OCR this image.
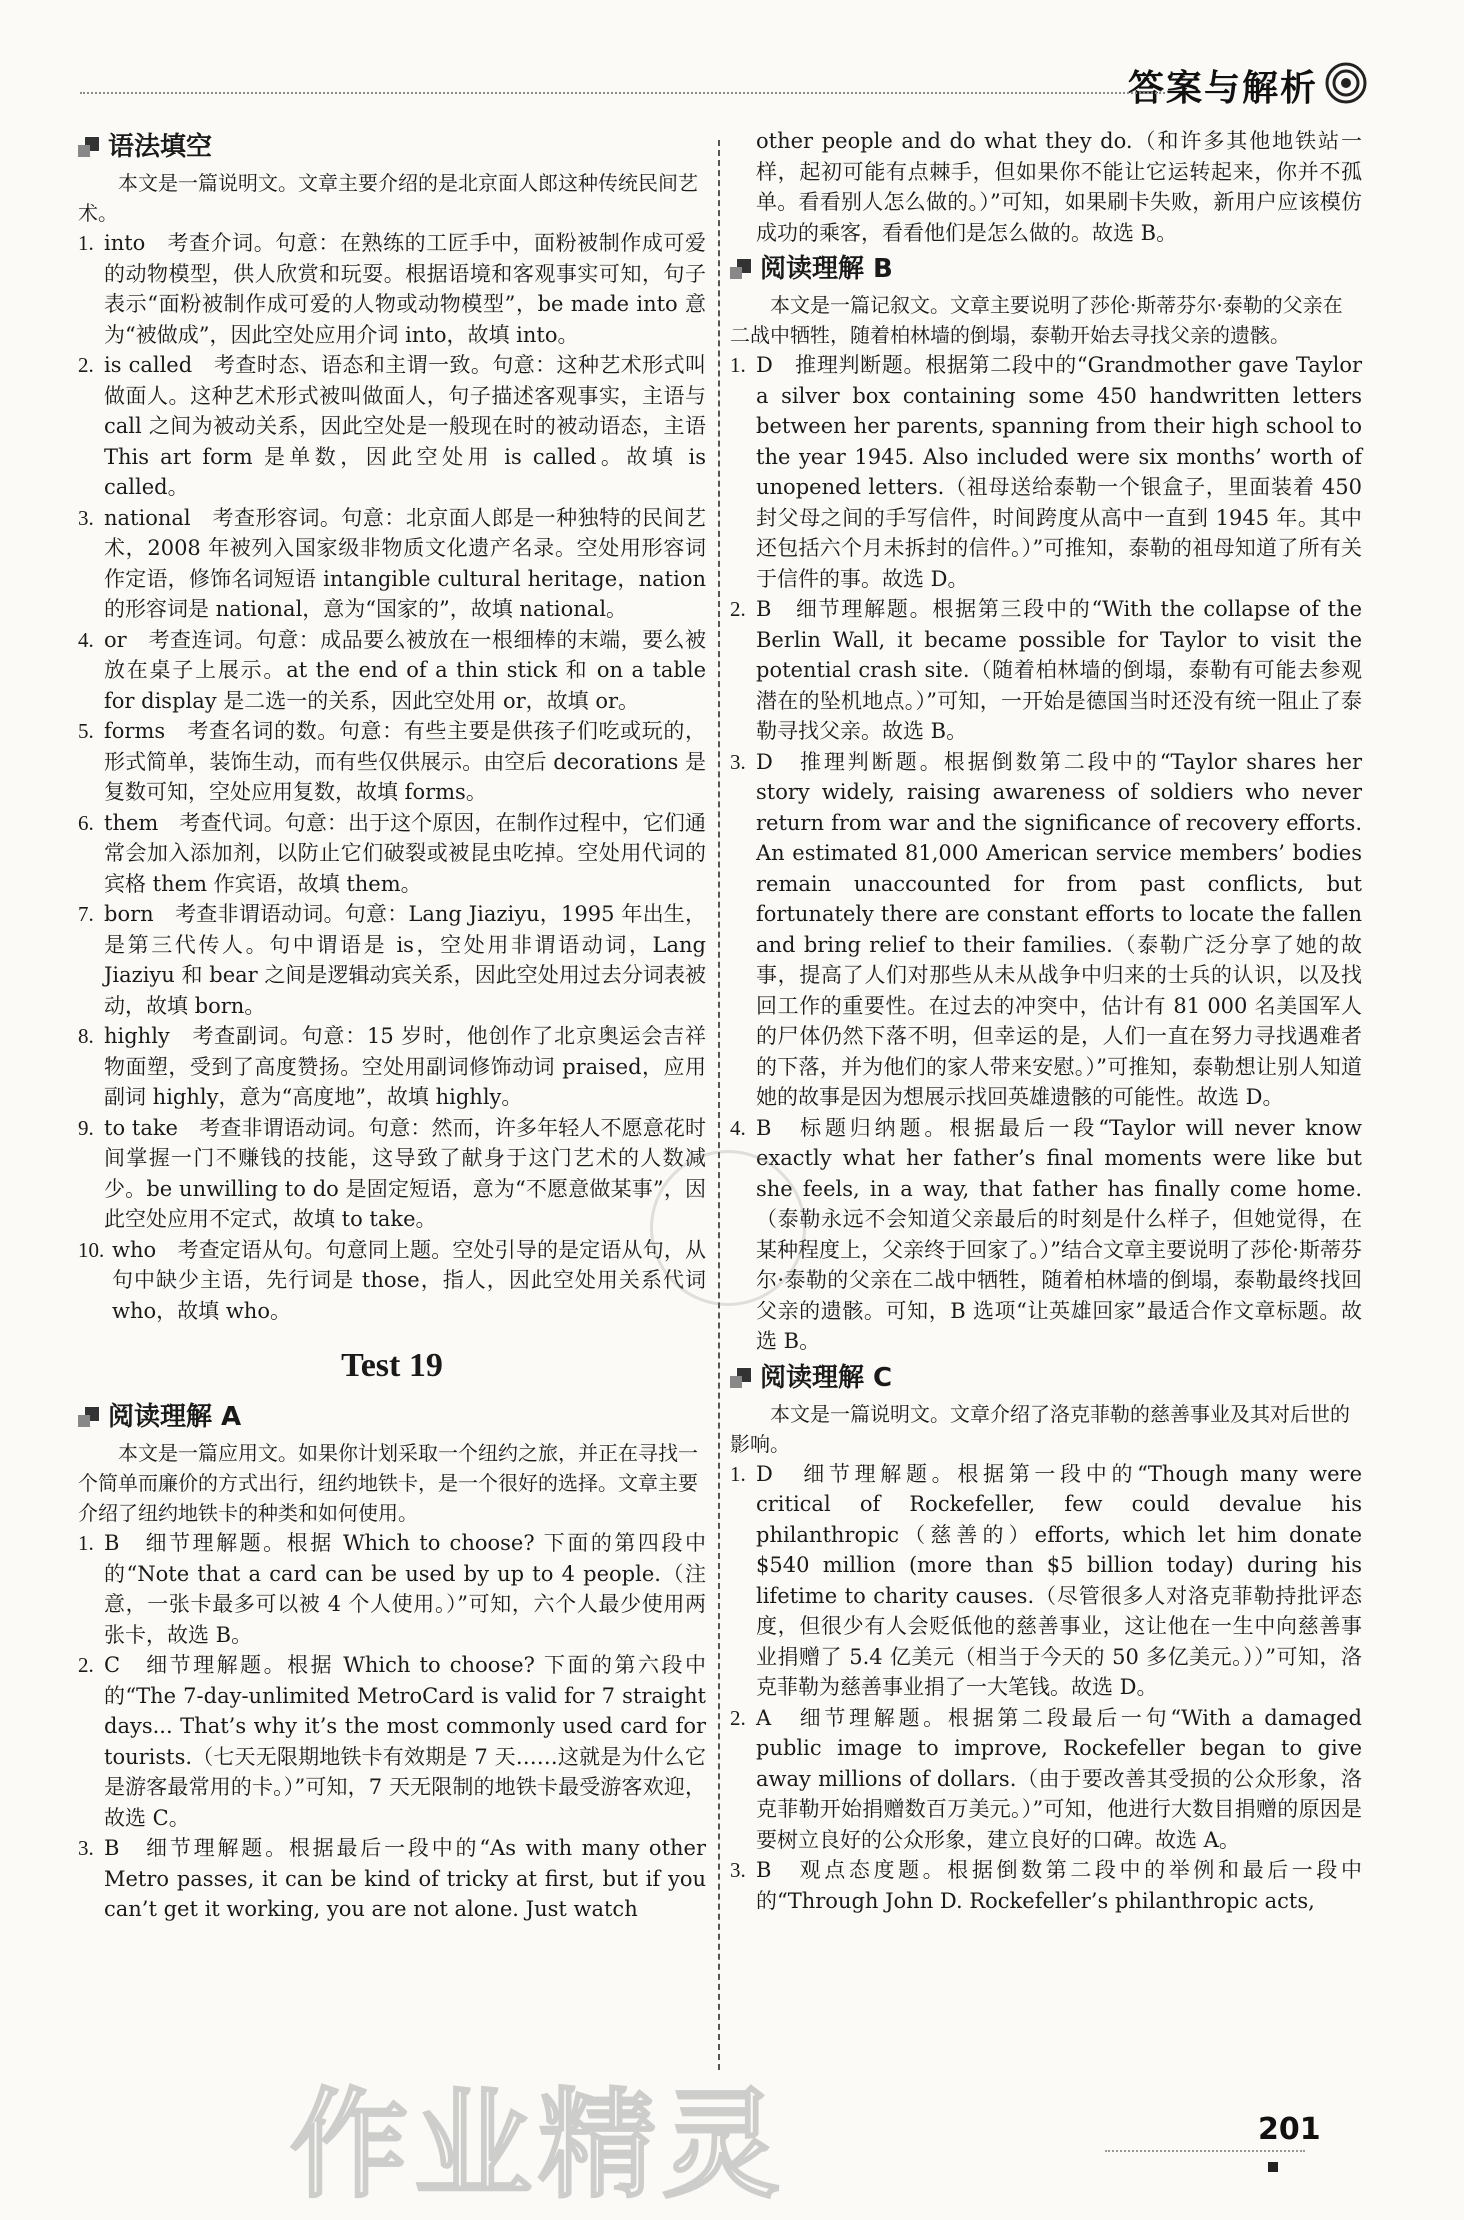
答案与解析
语法填空

本文是一篇说明文。文章主要介绍的是北京面人郎这种传统民间艺术。

1. into　考查介词。句意：在熟练的工匠手中，面粉被制作成可爱的动物模型，供人欣赏和玩耍。根据语境和客观事实可知，句子表示“面粉被制作成可爱的人物或动物模型”，be made into 意为“被做成”，因此空处应用介词 into，故填 into。

2. is called　考查时态、语态和主谓一致。句意：这种艺术形式叫做面人。这种艺术形式被叫做面人，句子描述客观事实，主语与 call 之间为被动关系，因此空处是一般现在时的被动语态，主语 This art form 是单数，因此空处用 is called。故填 is called。

3. national　考查形容词。句意：北京面人郎是一种独特的民间艺术，2008 年被列入国家级非物质文化遗产名录。空处用形容词作定语，修饰名词短语 intangible cultural heritage，nation 的形容词是 national，意为“国家的”，故填 national。

4. or　考查连词。句意：成品要么被放在一根细棒的末端，要么被放在桌子上展示。at the end of a thin stick 和 on a table for display 是二选一的关系，因此空处用 or，故填 or。

5. forms　考查名词的数。句意：有些主要是供孩子们吃或玩的，形式简单，装饰生动，而有些仅供展示。由空后 decorations 是复数可知，空处应用复数，故填 forms。

6. them　考查代词。句意：出于这个原因，在制作过程中，它们通常会加入添加剂，以防止它们破裂或被昆虫吃掉。空处用代词的宾格 them 作宾语，故填 them。

7. born　考查非谓语动词。句意：Lang Jiaziyu，1995 年出生，是第三代传人。句中谓语是 is，空处用非谓语动词，Lang Jiaziyu 和 bear 之间是逻辑动宾关系，因此空处用过去分词表被动，故填 born。

8. highly　考查副词。句意：15 岁时，他创作了北京奥运会吉祥物面塑，受到了高度赞扬。空处用副词修饰动词 praised，应用副词 highly，意为“高度地”，故填 highly。

9. to take　考查非谓语动词。句意：然而，许多年轻人不愿意花时间掌握一门不赚钱的技能，这导致了献身于这门艺术的人数减少。be unwilling to do 是固定短语，意为“不愿意做某事”，因此空处应用不定式，故填 to take。

10. who　考查定语从句。句意同上题。空处引导的是定语从句，从句中缺少主语，先行词是 those，指人，因此空处用关系代词 who，故填 who。

Test 19
阅读理解 A

本文是一篇应用文。如果你计划采取一个纽约之旅，并正在寻找一个简单而廉价的方式出行，纽约地铁卡，是一个很好的选择。文章主要介绍了纽约地铁卡的种类和如何使用。

1. B　细节理解题。根据 Which to choose? 下面的第四段中的“Note that a card can be used by up to 4 people.（注意，一张卡最多可以被 4 个人使用。）”可知，六个人最少使用两张卡，故选 B。

2. C　细节理解题。根据 Which to choose? 下面的第六段中的“The 7-day-unlimited MetroCard is valid for 7 straight days... That’s why it’s the most commonly used card for tourists.（七天无限期地铁卡有效期是 7 天……这就是为什么它是游客最常用的卡。）”可知，7 天无限制的地铁卡最受游客欢迎，故选 C。

3. B　细节理解题。根据最后一段中的“As with many other Metro passes, it can be kind of tricky at first, but if you can’t get it working, you are not alone. Just watch

other people and do what they do.（和许多其他地铁站一样，起初可能有点棘手，但如果你不能让它运转起来，你并不孤单。看看别人怎么做的。）”可知，如果刷卡失败，新用户应该模仿成功的乘客，看看他们是怎么做的。故选 B。

阅读理解 B

本文是一篇记叙文。文章主要说明了莎伦·斯蒂芬尔·泰勒的父亲在二战中牺牲，随着柏林墙的倒塌，泰勒开始去寻找父亲的遗骸。

1. D　推理判断题。根据第二段中的“Grandmother gave Taylor a silver box containing some 450 handwritten letters between her parents, spanning from their high school to the year 1945. Also included were six months’ worth of unopened letters.（祖母送给泰勒一个银盒子，里面装着 450 封父母之间的手写信件，时间跨度从高中一直到 1945 年。其中还包括六个月未拆封的信件。）”可推知，泰勒的祖母知道了所有关于信件的事。故选 D。

2. B　细节理解题。根据第三段中的“With the collapse of the Berlin Wall, it became possible for Taylor to visit the potential crash site.（随着柏林墙的倒塌，泰勒有可能去参观潜在的坠机地点。）”可知，一开始是德国当时还没有统一阻止了泰勒寻找父亲。故选 B。

3. D　推理判断题。根据倒数第二段中的“Taylor shares her story widely, raising awareness of soldiers who never return from war and the significance of recovery efforts. An estimated 81,000 American service members’ bodies remain unaccounted for from past conflicts, but fortunately there are constant efforts to locate the fallen and bring relief to their families.（泰勒广泛分享了她的故事，提高了人们对那些从未从战争中归来的士兵的认识，以及找回工作的重要性。在过去的冲突中，估计有 81 000 名美国军人的尸体仍然下落不明，但幸运的是，人们一直在努力寻找遇难者的下落，并为他们的家人带来安慰。）”可推知，泰勒想让别人知道她的故事是因为想展示找回英雄遗骸的可能性。故选 D。

4. B　标题归纳题。根据最后一段“Taylor will never know exactly what her father’s final moments were like but she feels, in a way, that father has finally come home.（泰勒永远不会知道父亲最后的时刻是什么样子，但她觉得，在某种程度上，父亲终于回家了。）”结合文章主要说明了莎伦·斯蒂芬尔·泰勒的父亲在二战中牺牲，随着柏林墙的倒塌，泰勒最终找回父亲的遗骸。可知，B 选项“让英雄回家”最适合作文章标题。故选 B。

阅读理解 C

本文是一篇说明文。文章介绍了洛克菲勒的慈善事业及其对后世的影响。

1. D　细节理解题。根据第一段中的“Though many were critical of Rockefeller, few could devalue his philanthropic（慈善的）efforts, which let him donate $540 million (more than $5 billion today) during his lifetime to charity causes.（尽管很多人对洛克菲勒持批评态度，但很少有人会贬低他的慈善事业，这让他在一生中向慈善事业捐赠了 5.4 亿美元（相当于今天的 50 多亿美元。））”可知，洛克菲勒为慈善事业捐了一大笔钱。故选 D。

2. A　细节理解题。根据第二段最后一句“With a damaged public image to improve, Rockefeller began to give away millions of dollars.（由于要改善其受损的公众形象，洛克菲勒开始捐赠数百万美元。）”可知，他进行大数目捐赠的原因是要树立良好的公众形象，建立良好的口碑。故选 A。

3. B　观点态度题。根据倒数第二段中的举例和最后一段中的“Through John D. Rockefeller’s philanthropic acts,

作业精灵	201
